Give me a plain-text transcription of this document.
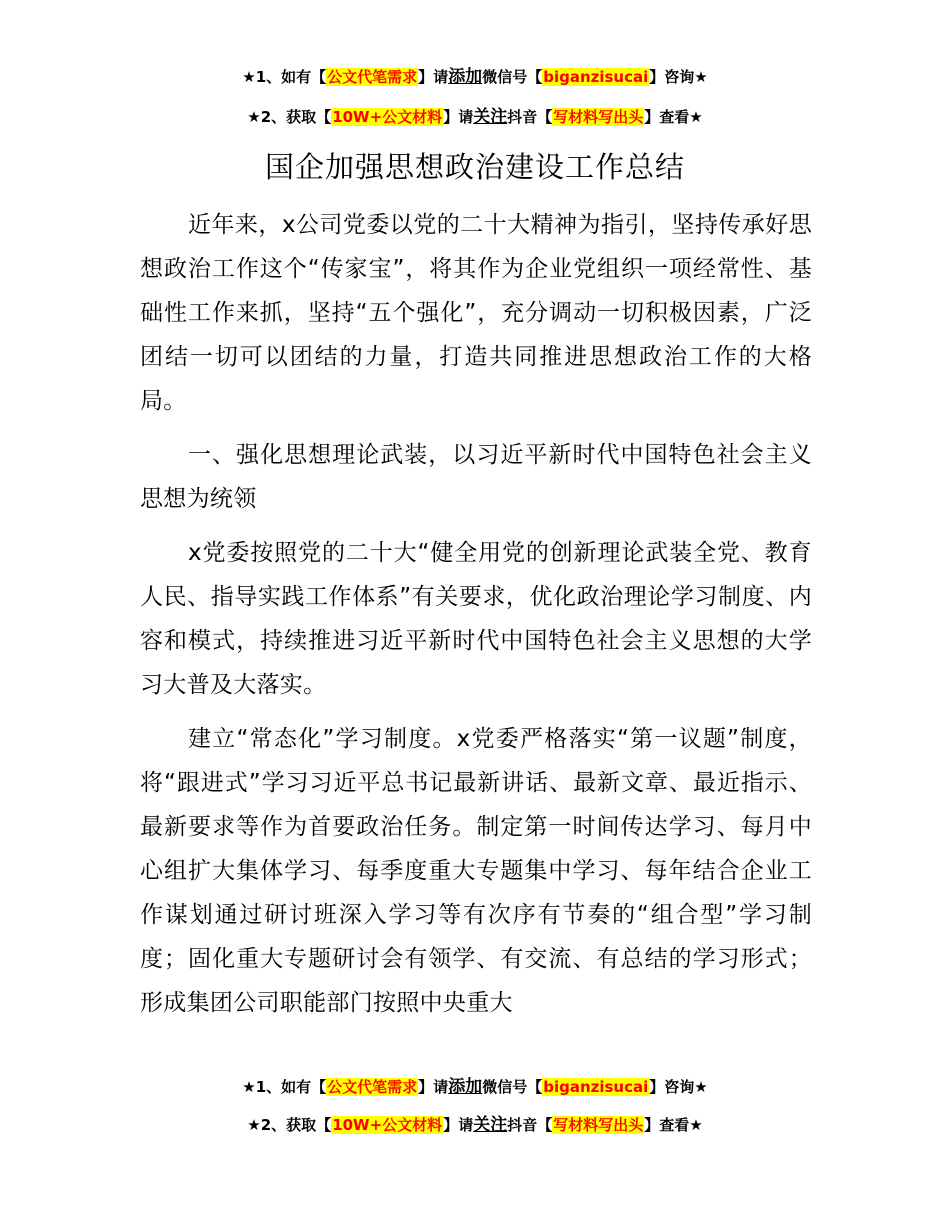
★1、如有【公文代笔需求】请添加微信号【biganzisucai】咨询★
★2、获取【10W+公文材料】请关注抖音【写材料写出头】查看★
国企加强思想政治建设工作总结

近年来，x公司党委以党的二十大精神为指引，坚持传承好思想政治工作这个“传家宝”，将其作为企业党组织一项经常性、基础性工作来抓，坚持“五个强化”，充分调动一切积极因素，广泛团结一切可以团结的力量，打造共同推进思想政治工作的大格局。

一、强化思想理论武装，以习近平新时代中国特色社会主义思想为统领

x党委按照党的二十大“健全用党的创新理论武装全党、教育人民、指导实践工作体系”有关要求，优化政治理论学习制度、内容和模式，持续推进习近平新时代中国特色社会主义思想的大学习大普及大落实。

建立“常态化”学习制度。x党委严格落实“第一议题”制度，将“跟进式”学习习近平总书记最新讲话、最新文章、最近指示、最新要求等作为首要政治任务。制定第一时间传达学习、每月中心组扩大集体学习、每季度重大专题集中学习、每年结合企业工作谋划通过研讨班深入学习等有次序有节奏的“组合型”学习制度；固化重大专题研讨会有领学、有交流、有总结的学习形式；形成集团公司职能部门按照中央重大

★1、如有【公文代笔需求】请添加微信号【biganzisucai】咨询★
★2、获取【10W+公文材料】请关注抖音【写材料写出头】查看★
